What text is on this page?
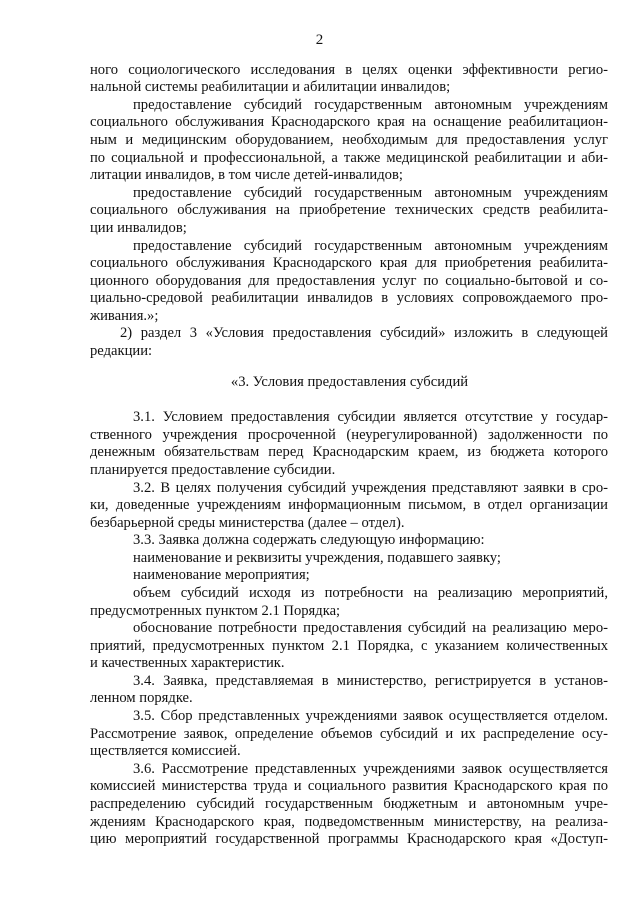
2
ного социологического исследования в целях оценки эффективности регио-
нальной системы реабилитации и абилитации инвалидов;
предоставление субсидий государственным автономным учреждениям
социального обслуживания Краснодарского края на оснащение реабилитацион-
ным и медицинским оборудованием, необходимым для предоставления услуг
по социальной и профессиональной, а также медицинской реабилитации и аби-
литации инвалидов, в том числе детей-инвалидов;
предоставление субсидий государственным автономным учреждениям
социального обслуживания на приобретение технических средств реабилита-
ции инвалидов;
предоставление субсидий государственным автономным учреждениям
социального обслуживания Краснодарского края для приобретения реабилита-
ционного оборудования для предоставления услуг по социально-бытовой и со-
циально-средовой реабилитации инвалидов в условиях сопровождаемого про-
живания.»;
2) раздел 3 «Условия предоставления субсидий» изложить в следующей
редакции:
«3. Условия предоставления субсидий
3.1. Условием предоставления субсидии является отсутствие у государ-
ственного учреждения просроченной (неурегулированной) задолженности по
денежным обязательствам перед Краснодарским краем, из бюджета которого
планируется предоставление субсидии.
3.2. В целях получения субсидий учреждения представляют заявки в сро-
ки, доведенные учреждениям информационным письмом, в отдел организации
безбарьерной среды министерства (далее – отдел).
3.3. Заявка должна содержать следующую информацию:
наименование и реквизиты учреждения, подавшего заявку;
наименование мероприятия;
объем субсидий исходя из потребности на реализацию мероприятий,
предусмотренных пунктом 2.1 Порядка;
обоснование потребности предоставления субсидий на реализацию меро-
приятий, предусмотренных пунктом 2.1 Порядка, с указанием количественных
и качественных характеристик.
3.4. Заявка, представляемая в министерство, регистрируется в установ-
ленном порядке.
3.5. Сбор представленных учреждениями заявок осуществляется отделом.
Рассмотрение заявок, определение объемов субсидий и их распределение осу-
ществляется комиссией.
3.6. Рассмотрение представленных учреждениями заявок осуществляется
комиссией министерства труда и социального развития Краснодарского края по
распределению субсидий государственным бюджетным и автономным учре-
ждениям Краснодарского края, подведомственным министерству, на реализа-
цию мероприятий государственной программы Краснодарского края «Доступ-
